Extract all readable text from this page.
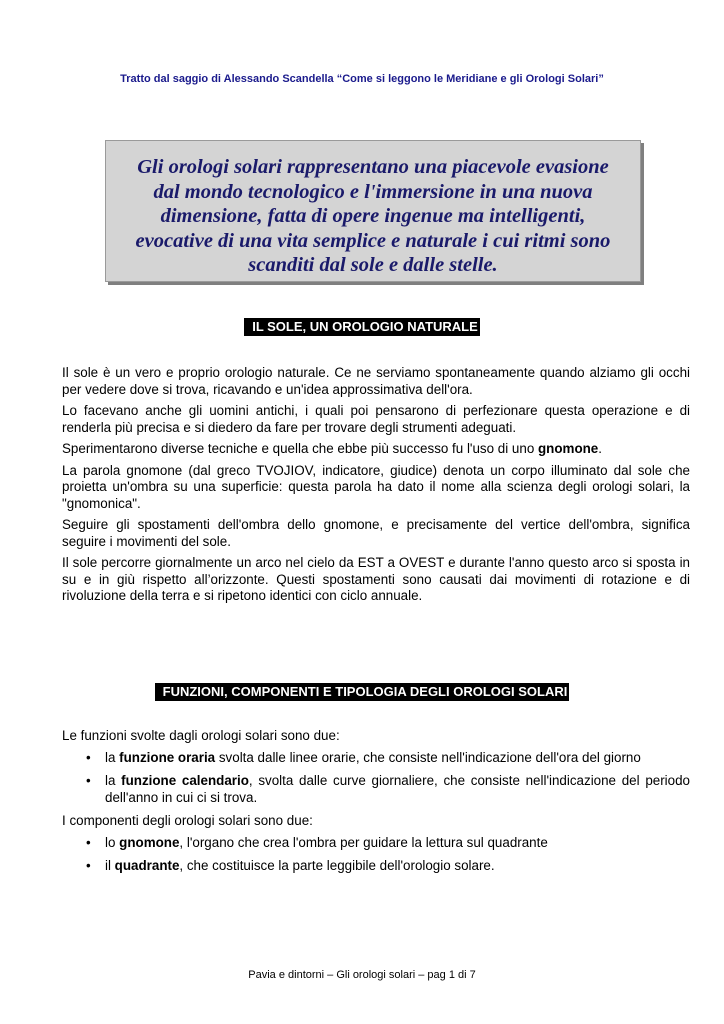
Tratto dal saggio di Alessando Scandella “Come si leggono le Meridiane e gli Orologi Solari”
Gli orologi solari rappresentano una piacevole evasione dal mondo tecnologico e l'immersione in una nuova dimensione, fatta di opere ingenue ma intelligenti, evocative di una vita semplice e naturale i cui ritmi sono scanditi dal sole e dalle stelle.
IL SOLE, UN OROLOGIO NATURALE

Il sole è un vero e proprio orologio naturale. Ce ne serviamo spontaneamente quando alziamo gli occhi per vedere dove si trova, ricavando e un'idea approssimativa dell'ora.

Lo facevano anche gli uomini antichi, i quali poi pensarono di perfezionare questa operazione e di renderla più precisa e si diedero da fare per trovare degli strumenti adeguati.

Sperimentarono diverse tecniche e quella che ebbe più successo fu l'uso di uno gnomone.

La parola gnomone (dal greco TVOJIOV, indicatore, giudice) denota un corpo illuminato dal sole che proietta un'ombra su una superficie: questa parola ha dato il nome alla scienza degli orologi solari, la "gnomonica".

Seguire gli spostamenti dell'ombra dello gnomone, e precisamente del vertice dell'ombra, significa seguire i movimenti del sole.

Il sole percorre giornalmente un arco nel cielo da EST a OVEST e durante l'anno questo arco si sposta in su e in giù rispetto all’orizzonte. Questi spostamenti sono causati dai movimenti di rotazione e di rivoluzione della terra e si ripetono identici con ciclo annuale.

FUNZIONI, COMPONENTI E TIPOLOGIA DEGLI OROLOGI SOLARI

Le funzioni svolte dagli orologi solari sono due:

• la funzione oraria svolta dalle linee orarie, che consiste nell'indicazione dell'ora del giorno
• la funzione calendario, svolta dalle curve giornaliere, che consiste nell'indicazione del periodo dell'anno in cui ci si trova.

I componenti degli orologi solari sono due:

• lo gnomone, l'organo che crea l'ombra per guidare la lettura sul quadrante
• il quadrante, che costituisce la parte leggibile dell'orologio solare.
Pavia e dintorni – Gli orologi solari – pag 1 di 7
